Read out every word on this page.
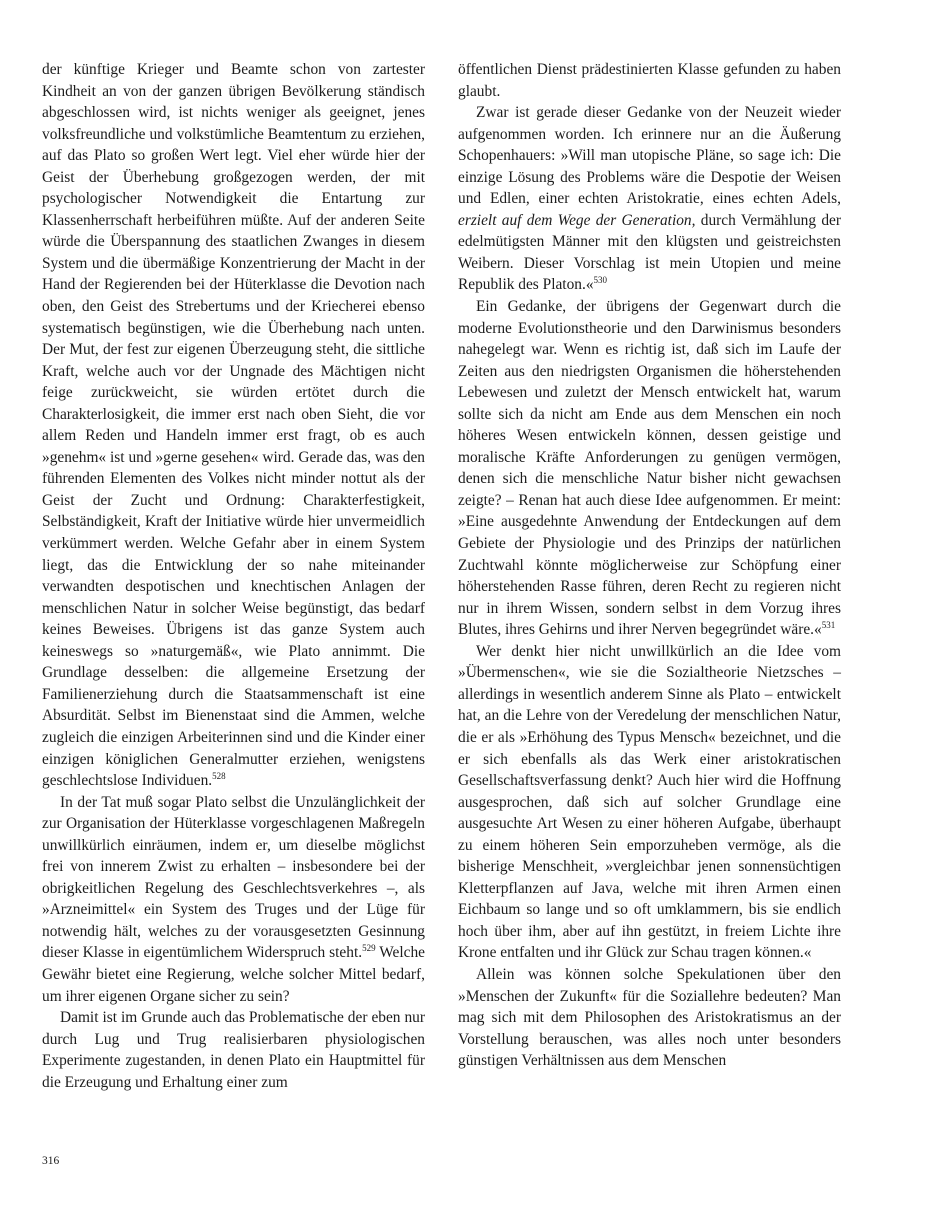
der künftige Krieger und Beamte schon von zartester Kindheit an von der ganzen übrigen Bevölkerung ständisch abgeschlossen wird, ist nichts weniger als geeignet, jenes volksfreundliche und volkstümliche Beamtentum zu erziehen, auf das Plato so großen Wert legt. Viel eher würde hier der Geist der Überhebung großgezogen werden, der mit psychologischer Notwendigkeit die Entartung zur Klassenherrschaft herbeiführen müßte. Auf der anderen Seite würde die Überspannung des staatlichen Zwanges in diesem System und die übermäßige Konzentrierung der Macht in der Hand der Regierenden bei der Hüterklasse die Devotion nach oben, den Geist des Strebertums und der Kriecherei ebenso systematisch begünstigen, wie die Überhebung nach unten. Der Mut, der fest zur eigenen Überzeugung steht, die sittliche Kraft, welche auch vor der Ungnade des Mächtigen nicht feige zurückweicht, sie würden ertötet durch die Charakterlosigkeit, die immer erst nach oben Sieht, die vor allem Reden und Handeln immer erst fragt, ob es auch »genehm« ist und »gerne gesehen« wird. Gerade das, was den führenden Elementen des Volkes nicht minder nottut als der Geist der Zucht und Ordnung: Charakterfestigkeit, Selbständigkeit, Kraft der Initiative würde hier unvermeidlich verkümmert werden. Welche Gefahr aber in einem System liegt, das die Entwicklung der so nahe miteinander verwandten despotischen und knechtischen Anlagen der menschlichen Natur in solcher Weise begünstigt, das bedarf keines Beweises. Übrigens ist das ganze System auch keineswegs so »naturgemäß«, wie Plato annimmt. Die Grundlage desselben: die allgemeine Ersetzung der Familienerziehung durch die Staatsammenschaft ist eine Absurdität. Selbst im Bienenstaat sind die Ammen, welche zugleich die einzigen Arbeiterinnen sind und die Kinder einer einzigen königlichen Generalmutter erziehen, wenigstens geschlechtslose Individuen.$^{528}$

In der Tat muß sogar Plato selbst die Unzulänglichkeit der zur Organisation der Hüterklasse vorgeschlagenen Maßregeln unwillkürlich einräumen, indem er, um dieselbe möglichst frei von innerem Zwist zu erhalten – insbesondere bei der obrigkeitlichen Regelung des Geschlechtsverkehres –, als »Arzneimittel« ein System des Truges und der Lüge für notwendig hält, welches zu der vorausgesetzten Gesinnung dieser Klasse in eigentümlichem Widerspruch steht.$^{529}$ Welche Gewähr bietet eine Regierung, welche solcher Mittel bedarf, um ihrer eigenen Organe sicher zu sein?

Damit ist im Grunde auch das Problematische der eben nur durch Lug und Trug realisierbaren physiologischen Experimente zugestanden, in denen Plato ein Hauptmittel für die Erzeugung und Erhaltung einer zum

öffentlichen Dienst prädestinierten Klasse gefunden zu haben glaubt.

Zwar ist gerade dieser Gedanke von der Neuzeit wieder aufgenommen worden. Ich erinnere nur an die Äußerung Schopenhauers: »Will man utopische Pläne, so sage ich: Die einzige Lösung des Problems wäre die Despotie der Weisen und Edlen, einer echten Aristokratie, eines echten Adels, erzielt auf dem Wege der Generation, durch Vermählung der edelmütigsten Männer mit den klügsten und geistreichsten Weibern. Dieser Vorschlag ist mein Utopien und meine Republik des Platon.«$^{530}$

Ein Gedanke, der übrigens der Gegenwart durch die moderne Evolutionstheorie und den Darwinismus besonders nahegelegt war. Wenn es richtig ist, daß sich im Laufe der Zeiten aus den niedrigsten Organismen die höherstehenden Lebewesen und zuletzt der Mensch entwickelt hat, warum sollte sich da nicht am Ende aus dem Menschen ein noch höheres Wesen entwickeln können, dessen geistige und moralische Kräfte Anforderungen zu genügen vermögen, denen sich die menschliche Natur bisher nicht gewachsen zeigte? – Renan hat auch diese Idee aufgenommen. Er meint: »Eine ausgedehnte Anwendung der Entdeckungen auf dem Gebiete der Physiologie und des Prinzips der natürlichen Zuchtwahl könnte möglicherweise zur Schöpfung einer höherstehenden Rasse führen, deren Recht zu regieren nicht nur in ihrem Wissen, sondern selbst in dem Vorzug ihres Blutes, ihres Gehirns und ihrer Nerven begegründet wäre.«$^{531}$

Wer denkt hier nicht unwillkürlich an die Idee vom »Übermenschen«, wie sie die Sozialtheorie Nietzsches – allerdings in wesentlich anderem Sinne als Plato – entwickelt hat, an die Lehre von der Veredelung der menschlichen Natur, die er als »Erhöhung des Typus Mensch« bezeichnet, und die er sich ebenfalls als das Werk einer aristokratischen Gesellschaftsverfassung denkt? Auch hier wird die Hoffnung ausgesprochen, daß sich auf solcher Grundlage eine ausgesuchte Art Wesen zu einer höheren Aufgabe, überhaupt zu einem höheren Sein emporzuheben vermöge, als die bisherige Menschheit, »vergleichbar jenen sonnensüchtigen Kletterpflanzen auf Java, welche mit ihren Armen einen Eichbaum so lange und so oft umklammern, bis sie endlich hoch über ihm, aber auf ihn gestützt, in freiem Lichte ihre Krone entfalten und ihr Glück zur Schau tragen können.«

Allein was können solche Spekulationen über den »Menschen der Zukunft« für die Soziallehre bedeuten? Man mag sich mit dem Philosophen des Aristokratismus an der Vorstellung berauschen, was alles noch unter besonders günstigen Verhältnissen aus dem Menschen

316
